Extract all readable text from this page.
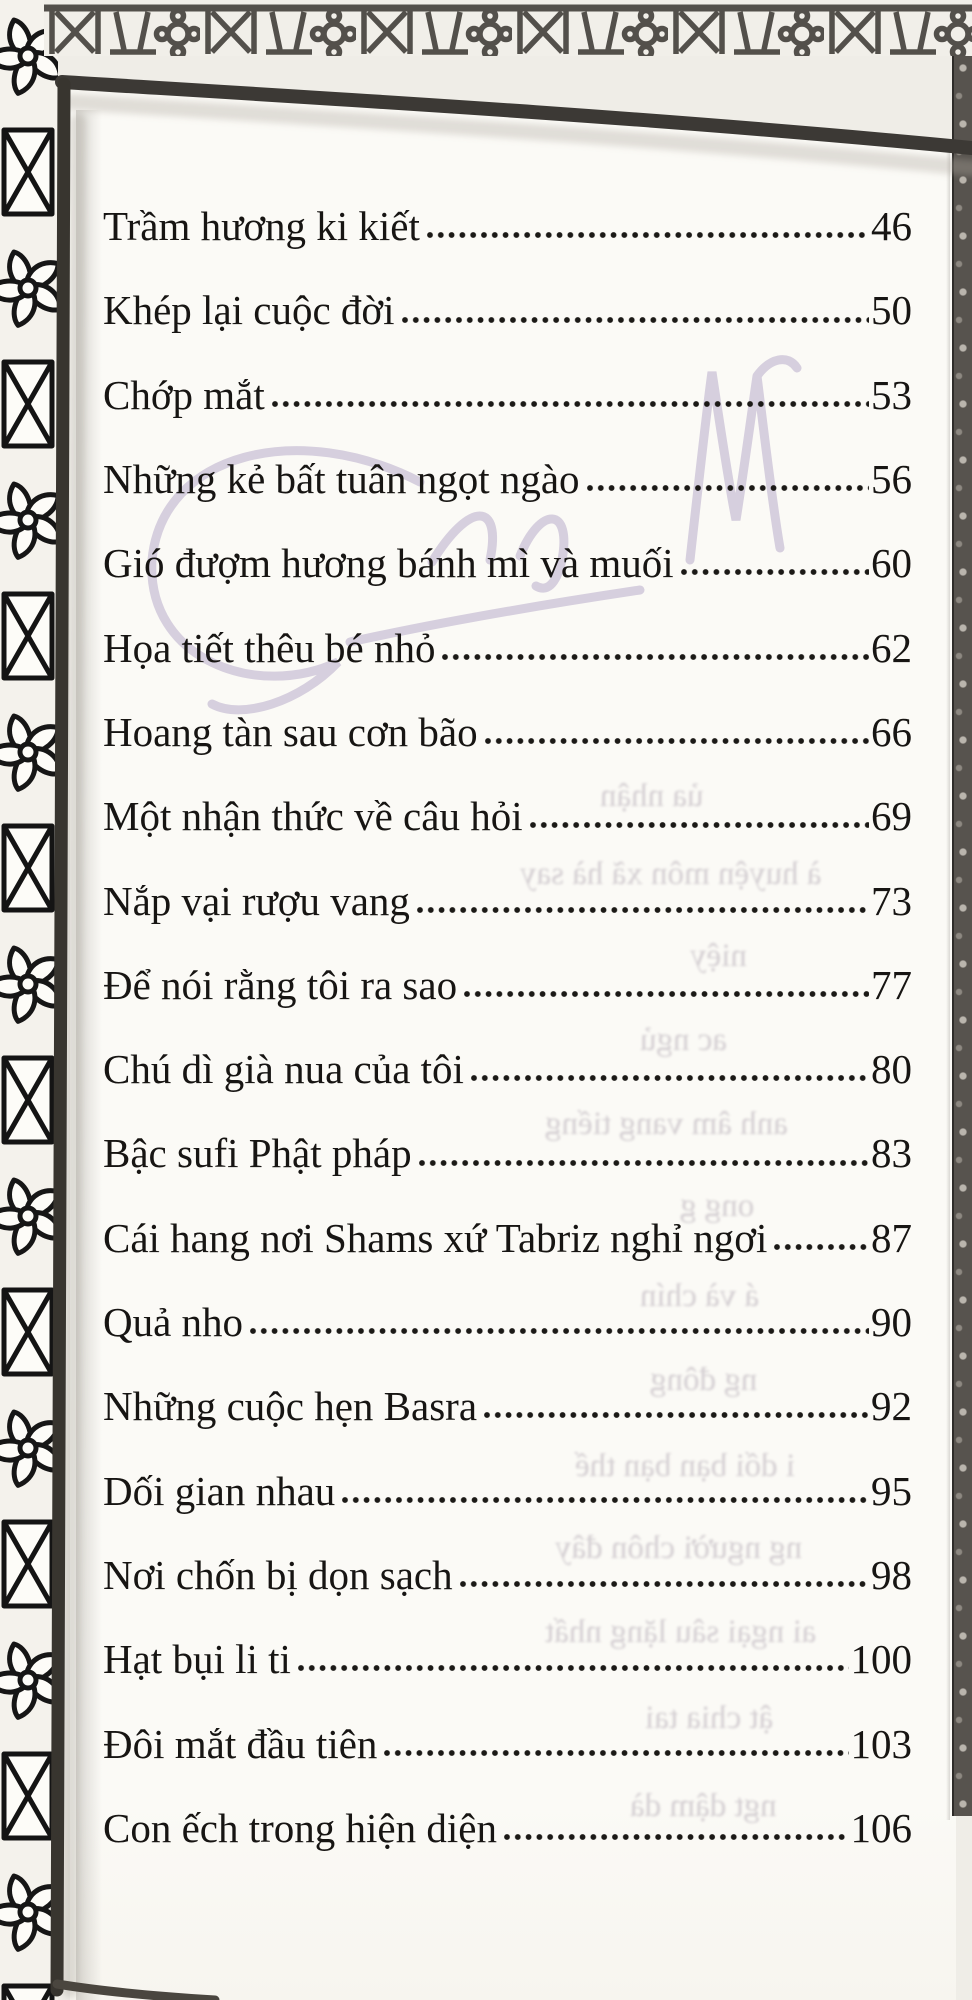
ủa nhận
à huyện môn xã hà say
niệy
ac ngủ
anh âm vang tiếng
ong g
á và chín
ng đông
i dối bạn bạn thế
ng người chôn đây
ai ngại sâu lặng nhất
ật chia tai
ngt dậm dà
Trầm hương ki kiết	46
Khép lại cuộc đời	50
Chớp mắt	53
Những kẻ bất tuân ngọt ngào	56
Gió đượm hương bánh mì và muối	60
Họa tiết thêu bé nhỏ	62
Hoang tàn sau cơn bão	66
Một nhận thức về câu hỏi	69
Nắp vại rượu vang	73
Để nói rằng tôi ra sao	77
Chú dì già nua của tôi	80
Bậc sufi Phật pháp	83
Cái hang nơi Shams xứ Tabriz nghỉ ngơi	87
Quả nho	90
Những cuộc hẹn Basra	92
Dối gian nhau	95
Nơi chốn bị dọn sạch	98
Hạt bụi li ti	100
Đôi mắt đầu tiên	103
Con ếch trong hiện diện	106
